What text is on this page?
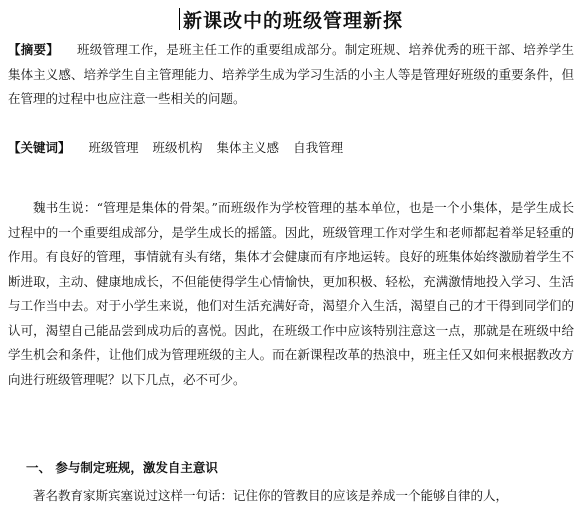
新课改中的班级管理新探

【摘要】 班级管理工作，是班主任工作的重要组成部分。制定班规、培养优秀的班干部、培养学生集体主义感、培养学生自主管理能力、培养学生成为学习生活的小主人等是管理好班级的重要条件，但在管理的过程中也应注意一些相关的问题。

【关键词】 班级管理 班级机构 集体主义感 自我管理

魏书生说：“管理是集体的骨架。”而班级作为学校管理的基本单位，也是一个小集体，是学生成长过程中的一个重要组成部分，是学生成长的摇篮。因此，班级管理工作对学生和老师都起着举足轻重的作用。有良好的管理，事情就有头有绪，集体才会健康而有序地运转。良好的班集体始终激励着学生不断进取，主动、健康地成长，不但能使得学生心情愉快，更加积极、轻松，充满激情地投入学习、生活与工作当中去。对于小学生来说，他们对生活充满好奇，渴望介入生活，渴望自己的才干得到同学们的认可，渴望自己能品尝到成功后的喜悦。因此，在班级工作中应该特别注意这一点，那就是在班级中给学生机会和条件，让他们成为管理班级的主人。而在新课程改革的热浪中，班主任又如何来根据教改方向进行班级管理呢？以下几点，必不可少。

一、 参与制定班规，激发自主意识

著名教育家斯宾塞说过这样一句话：记住你的管教目的应该是养成一个能够自律的人，
